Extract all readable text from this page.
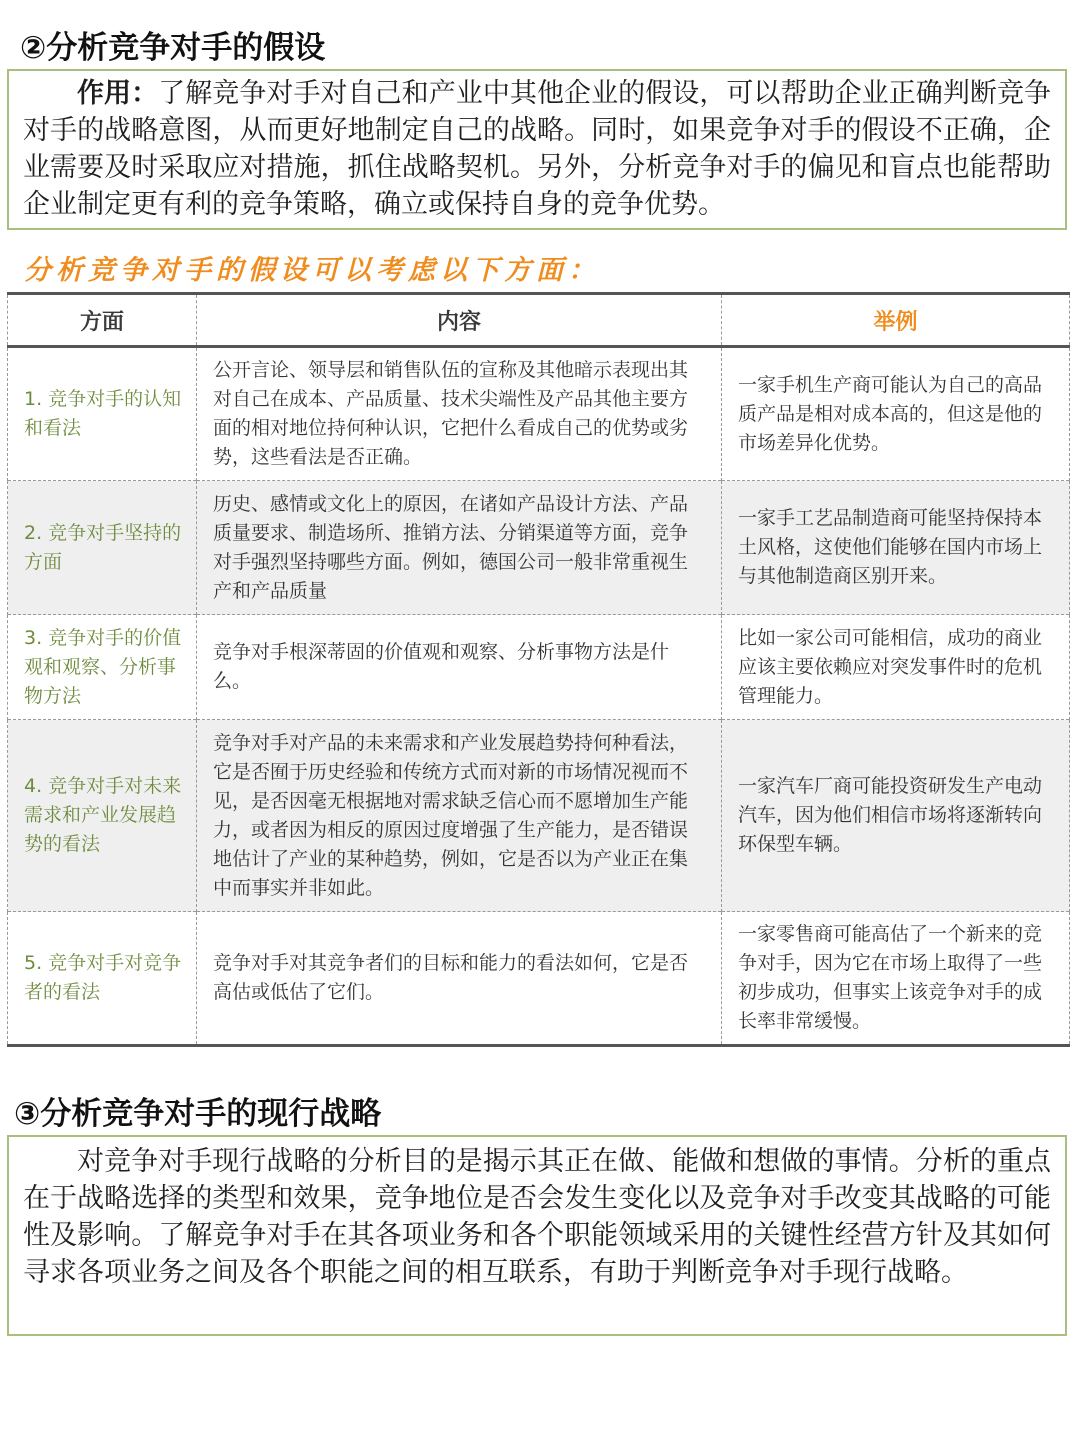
②分析竞争对手的假设

作用：了解竞争对手对自己和产业中其他企业的假设，可以帮助企业正确判断竞争对手的战略意图，从而更好地制定自己的战略。同时，如果竞争对手的假设不正确，企业需要及时采取应对措施，抓住战略契机。另外，分析竞争对手的偏见和盲点也能帮助企业制定更有利的竞争策略，确立或保持自身的竞争优势。

分析竞争对手的假设可以考虑以下方面：
方面	内容	举例
1. 竞争对手的认知和看法	公开言论、领导层和销售队伍的宣称及其他暗示表现出其对自己在成本、产品质量、技术尖端性及产品其他主要方面的相对地位持何种认识，它把什么看成自己的优势或劣势，这些看法是否正确。	一家手机生产商可能认为自己的高品质产品是相对成本高的，但这是他的市场差异化优势。
2. 竞争对手坚持的方面	历史、感情或文化上的原因，在诸如产品设计方法、产品质量要求、制造场所、推销方法、分销渠道等方面，竞争对手强烈坚持哪些方面。例如，德国公司一般非常重视生产和产品质量	一家手工艺品制造商可能坚持保持本土风格，这使他们能够在国内市场上与其他制造商区别开来。
3. 竞争对手的价值观和观察、分析事物方法	竞争对手根深蒂固的价值观和观察、分析事物方法是什么。	比如一家公司可能相信，成功的商业应该主要依赖应对突发事件时的危机管理能力。
4. 竞争对手对未来需求和产业发展趋势的看法	竞争对手对产品的未来需求和产业发展趋势持何种看法，它是否囿于历史经验和传统方式而对新的市场情况视而不见，是否因毫无根据地对需求缺乏信心而不愿增加生产能力，或者因为相反的原因过度增强了生产能力，是否错误地估计了产业的某种趋势，例如，它是否以为产业正在集中而事实并非如此。	一家汽车厂商可能投资研发生产电动汽车，因为他们相信市场将逐渐转向环保型车辆。
5. 竞争对手对竞争者的看法	竞争对手对其竞争者们的目标和能力的看法如何，它是否高估或低估了它们。	一家零售商可能高估了一个新来的竞争对手，因为它在市场上取得了一些初步成功，但事实上该竞争对手的成长率非常缓慢。
③分析竞争对手的现行战略

对竞争对手现行战略的分析目的是揭示其正在做、能做和想做的事情。分析的重点在于战略选择的类型和效果，竞争地位是否会发生变化以及竞争对手改变其战略的可能性及影响。了解竞争对手在其各项业务和各个职能领域采用的关键性经营方针及其如何寻求各项业务之间及各个职能之间的相互联系，有助于判断竞争对手现行战略。
